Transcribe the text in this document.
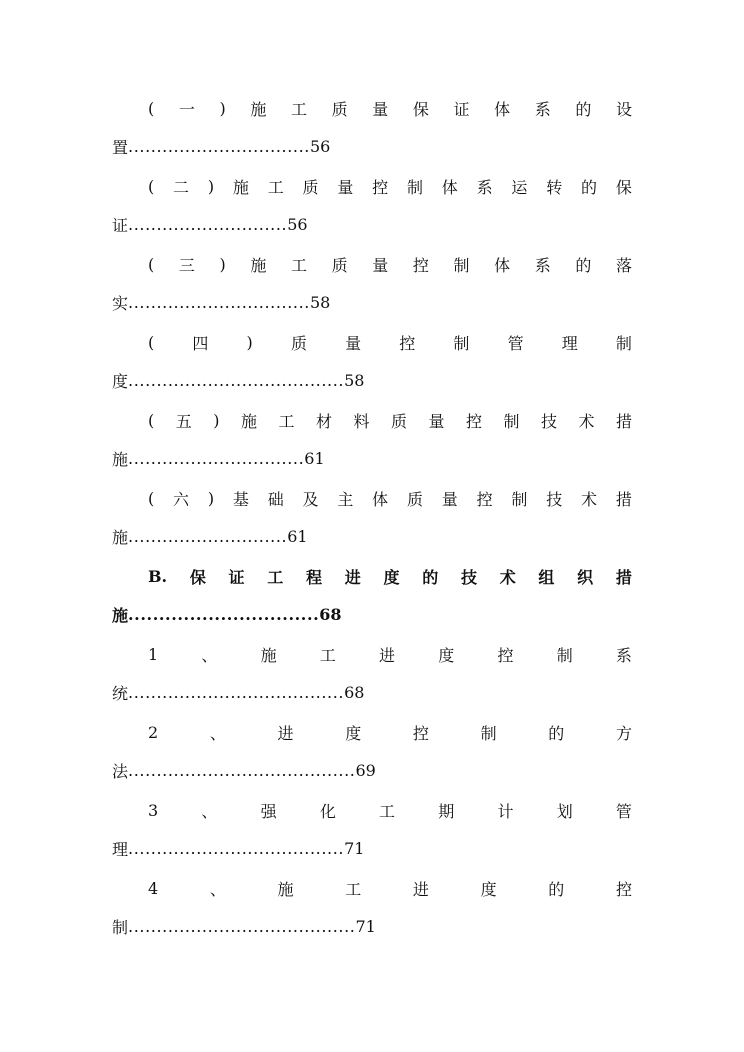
( 一 ) 施 工 质 量 保 证 体 系 的 设
置 ................................ 56
( 二 ) 施 工 质 量 控 制 体 系 运 转 的 保
证 ............................ 56
( 三 ) 施 工 质 量 控 制 体 系 的 落
实 ................................ 58
( 四 ) 质 量 控 制 管 理 制
度 ...................................... 58
( 五 ) 施 工 材 料 质 量 控 制 技 术 措
施 ............................... 61
( 六 ) 基 础 及 主 体 质 量 控 制 技 术 措
施 ............................ 61
B. 保 证 工 程 进 度 的 技 术 组 织 措
施 ............................... 68
1	、	施	工	进	度	控	制	系
统 ...................................... 68
2	、	进	度	控	制	的	方
法 ........................................ 69
3	、	强	化	工	期	计	划	管
理 ...................................... 71
4	、	施	工	进	度	的	控
制 ........................................ 71
